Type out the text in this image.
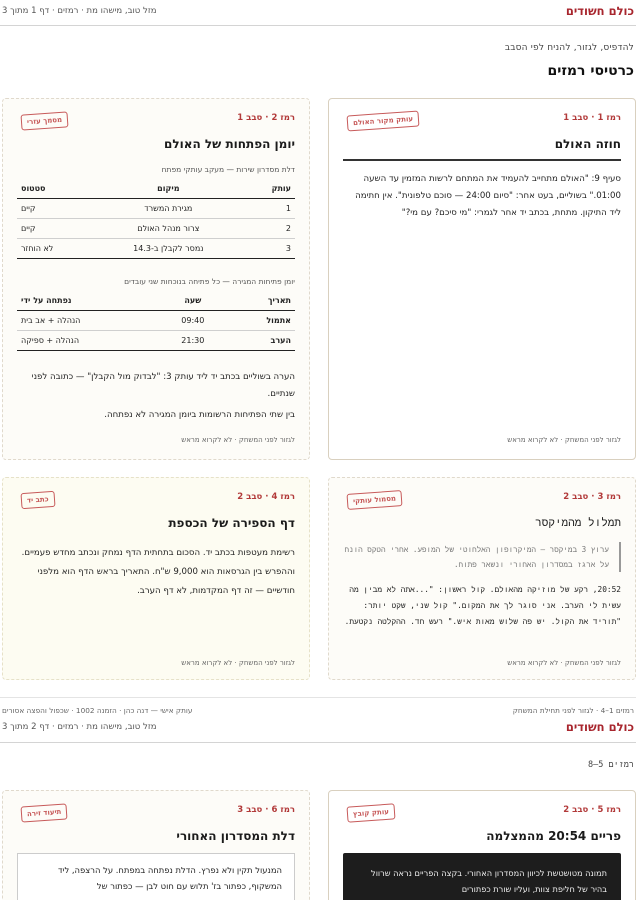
כולם חשודים
מזל טוב, מישהו מת · רמזים · דף 1 מתוך 3
להדפיס, לגזור, להניח לפי הסבב
כרטיסי רמזים
רמז 1 · סבב 1
עותק מקור האולם
חוזה האולם
סעיף 9: "האולם מתחייב להעמיד את המתחם לרשות המזמין עד השעה 01:00." בשוליים, בעט אחר: "סיום 24:00 — סוכם טלפונית". אין חתימה ליד התיקון. מתחת, בכתב יד אחר לגמרי: "מי סיכם? עם מי?"
לגזור לפני המשחק · לא לקרוא מראש
רמז 2 · סבב 1
מסמך עזרי
יומן הפתחות של האולם
דלת מסדרון שירות — מעקב עותקי מפתח
עותק	מיקום	סטטוס
1	מגירת המשרד	קיים
2	צרור מנהל האולם	קיים
3	נמסר לקבלן ב-14.3	לא הוחזר
יומן פתיחות המגירה — כל פתיחה בנוכחות שני עובדים
תאריך	שעה	נפתחה על ידי
אתמול	09:40	הנהלה + אב בית
הערב	21:30	הנהלה + ספיקה
הערה בשוליים בכתב יד ליד עותק 3: "לבדוק מול הקבלן" — כתובה לפני שנתיים.
בין שתי הפתיחות הרשומות ביומן המגירה לא נפתחה.
לגזור לפני המשחק · לא לקרוא מראש
רמז 3 · סבב 2
מסמול עותקי
תמלול מהמיקסר
ערוץ 3 במיקסר — המיקרופון האלחוטי של המופע. אחרי הטקס הונח על ארגז במסדרון האחורי ונשאר פתוח.
20:52, רקע של מוזיקה מהאולם. קול ראשון: "...אתה לא מבין מה עשית לי הערב. אני סוגר לך את המקום." קול שני, שקט יותר: "תוריד את הקול. יש פה שלוש מאות איש." רעש חד. ההקלטה נקטעת.
לגזור לפני המשחק · לא לקרוא מראש
רמז 4 · סבב 2
כתב יד
דף הספירה של הכספת
רשימת מעטפות בכתב יד. הסכום בתחתית הדף נמחק ונכתב מחדש פעמיים. וההפרש בין הגרסאות הוא 9,000 ש"ח. התאריך בראש הדף הוא מלפני חודשיים — זה דף המקדמות, לא דף הערב.
לגזור לפני המשחק · לא לקרוא מראש
רמזים 1–4 · לגזור לפני תחילת המשחק
עותק אישי — דנה כהן · הזמנה 1002 · שכפול והפצה אסורים
כולם חשודים
מזל טוב, מישהו מת · רמזים · דף 2 מתוך 3
רמזים 5–8
רמז 5 · סבב 2
עותק קובץ
פריים 20:54 מהמצלמה
תמונה מטושטשת לכיוון המסדרון האחורי. בקצה הפריים נראה שרוול בהיר של חליפת צוות, ועליו שורת כפתורים
רמז 6 · סבב 3
תיעוד זירה
דלת המסדרון האחורי
המנעול תקין ולא נפרץ. הדלת נפתחה במפתח. על הרצפה, ליד המשקוף, כפתור בז' תלוש עם חוט לבן — כפתור של
